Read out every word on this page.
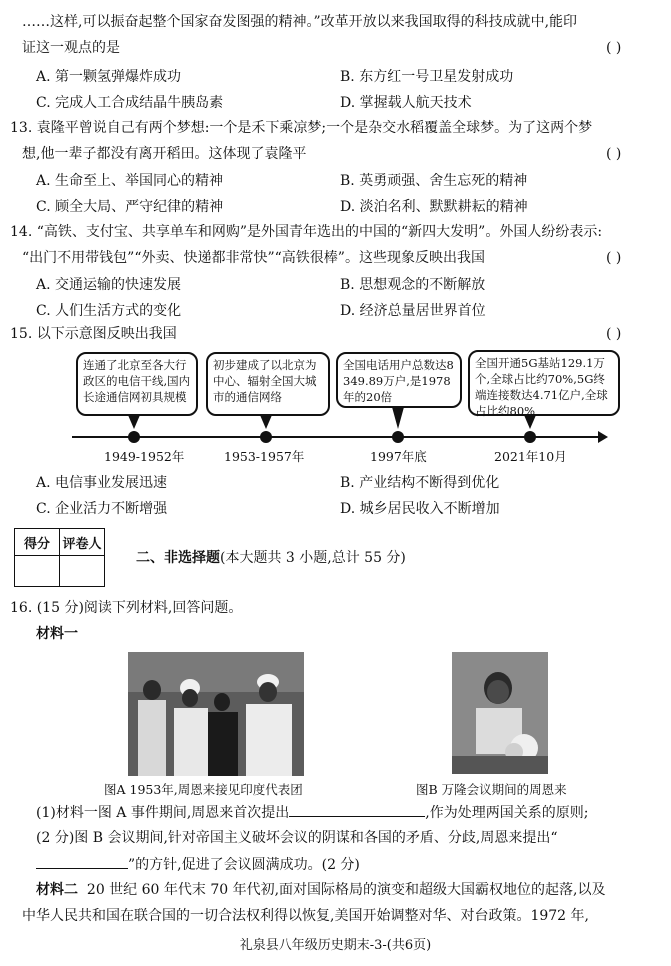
……这样,可以振奋起整个国家奋发图强的精神。”改革开放以来我国取得的科技成就中,能印
证这一观点的是	( )
A. 第一颗氢弹爆炸成功	B. 东方红一号卫星发射成功
C. 完成人工合成结晶牛胰岛素	D. 掌握载人航天技术
13. 袁隆平曾说自己有两个梦想:一个是禾下乘凉梦;一个是杂交水稻覆盖全球梦。为了这两个梦
想,他一辈子都没有离开稻田。这体现了袁隆平	( )
A. 生命至上、举国同心的精神	B. 英勇顽强、舍生忘死的精神
C. 顾全大局、严守纪律的精神	D. 淡泊名利、默默耕耘的精神
14. “高铁、支付宝、共享单车和网购”是外国青年选出的中国的“新四大发明”。外国人纷纷表示:
“出门不用带钱包”“外卖、快递都非常快”“高铁很棒”。这些现象反映出我国	( )
A. 交通运输的快速发展	B. 思想观念的不断解放
C. 人们生活方式的变化	D. 经济总量居世界首位
15. 以下示意图反映出我国	( )
连通了北京至各大行政区的电信干线,国内长途通信网初具规模
初步建成了以北京为中心、辐射全国大城市的通信网络
全国电话用户总数达8 349.89万户,是1978年的20倍
全国开通5G基站129.1万个,全球占比约70%,5G终端连接数达4.71亿户,全球占比约80%
1949-1952年	1953-1957年	1997年底	2021年10月
A. 电信事业发展迅速	B. 产业结构不断得到优化
C. 企业活力不断增强	D. 城乡居民收入不断增加
得分	评卷人

二、非选择题(本大题共 3 小题,总计 55 分)
16. (15 分)阅读下列材料,回答问题。
材料一
图A 1953年,周恩来接见印度代表团	图B 万隆会议期间的周恩来
(1)材料一图 A 事件期间,周恩来首次提出	,作为处理两国关系的原则;
(2 分)图 B 会议期间,针对帝国主义破坏会议的阴谋和各国的矛盾、分歧,周恩来提出“
”的方针,促进了会议圆满成功。(2 分)
材料二 20 世纪 60 年代末 70 年代初,面对国际格局的演变和超级大国霸权地位的起落,以及
中华人民共和国在联合国的一切合法权利得以恢复,美国开始调整对华、对台政策。1972 年,
礼泉县八年级历史期末-3-(共6页)
